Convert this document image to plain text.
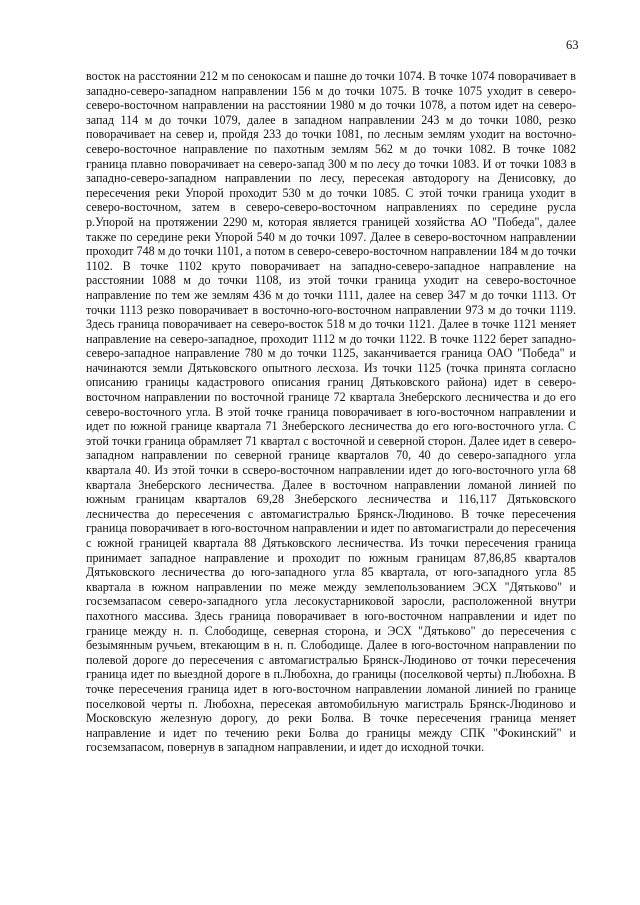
63

восток на расстоянии 212 м по сенокосам и пашне до точки 1074. В точке 1074 поворачивает в западно-северо-западном направлении 156 м до точки 1075. В точке 1075 уходит в северо-северо-восточном направлении на расстоянии 1980 м до точки 1078, а потом идет на северо-запад 114 м до точки 1079, далее в западном направлении 243 м до точки 1080, резко поворачивает на север и, пройдя 233 до точки 1081, по лесным землям уходит на восточно-северо-восточное направление по пахотным землям 562 м до точки 1082. В точке 1082 граница плавно поворачивает на северо-запад 300 м по лесу до точки 1083. И от точки 1083 в западно-северо-западном направлении по лесу, пересекая автодорогу на Денисовку, до пересечения реки Упорой проходит 530 м до точки 1085. С этой точки граница уходит в северо-восточном, затем в северо-северо-восточном направлениях по середине русла р.Упорой на протяжении 2290 м, которая является границей хозяйства АО "Победа", далее также по середине реки Упорой 540 м до точки 1097. Далее в северо-восточном направлении проходит 748 м до точки 1101, а потом в северо-северо-восточном направлении 184 м до точки 1102. В точке 1102 круто поворачивает на западно-северо-западное направление на расстоянии 1088 м до точки 1108, из этой точки граница уходит на северо-восточное направление по тем же землям 436 м до точки 1111, далее на север 347 м до точки 1113. От точки 1113 резко поворачивает в восточно-юго-восточном направлении 973 м до точки 1119. Здесь граница поворачивает на северо-восток 518 м до точки 1121. Далее в точке 1121 меняет направление на северо-западное, проходит 1112 м до точки 1122. В точке 1122 берет западно-северо-западное направление 780 м до точки 1125, заканчивается граница ОАО "Победа" и начинаются земли Дятьковского опытного лесхоза. Из точки 1125 (точка принята согласно описанию границы кадастрового описания границ Дятьковского района) идет в северо-восточном направлении по восточной границе 72 квартала Знеберского лесничества и до его северо-восточного угла. В этой точке граница поворачивает в юго-восточном направлении и идет по южной границе квартала 71 Знеберского лесничества до его юго-восточного угла. С этой точки граница обрамляет 71 квартал с восточной и северной сторон. Далее идет в северо-западном направлении по северной границе кварталов 70, 40 до северо-западного угла квартала 40. Из этой точки в ссверо-восточном направлении идет до юго-восточного угла 68 квартала Знеберского лесничества. Далее в восточном направлении ломаной линией по южным границам кварталов 69,28 Знеберского лесничества и 116,117 Дятьковского лесничества до пересечения с автомагистралью Брянск-Людиново. В точке пересечения граница поворачивает в юго-восточном направлении и идет по автомагистрали до пересечения с южной границей квартала 88 Дятьковского лесничества. Из точки пересечения граница принимает западное направление и проходит по южным границам 87,86,85 кварталов Дятьковского лесничества до юго-западного угла 85 квартала, от юго-западного угла 85 квартала в южном направлении по меже между землепользованием ЭСХ "Дятьково" и госземзапасом северо-западного угла лесокустарниковой заросли, расположенной внутри пахотного массива. Здесь граница поворачивает в юго-восточном направлении и идет по границе между н. п. Слободище, северная сторона, и ЭСХ "Дятьково" до пересечения с безымянным ручьем, втекающим в н. п. Слободище. Далее в юго-восточном направлении по полевой дороге до пересечения с автомагистралью Брянск-Людиново от точки пересечения граница идет по выездной дороге в п.Любохна, до границы (поселковой черты) п.Любохна. В точке пересечения граница идет в юго-восточном направлении ломаной линией по границе поселковой черты п. Любохна, пересекая автомобильную магистраль Брянск-Людиново и Московскую железную дорогу, до реки Болва. В точке пересечения граница меняет направление и идет по течению реки Болва до границы между СПК "Фокинский" и госземзапасом, повернув в западном направлении, и идет до исходной точки.
